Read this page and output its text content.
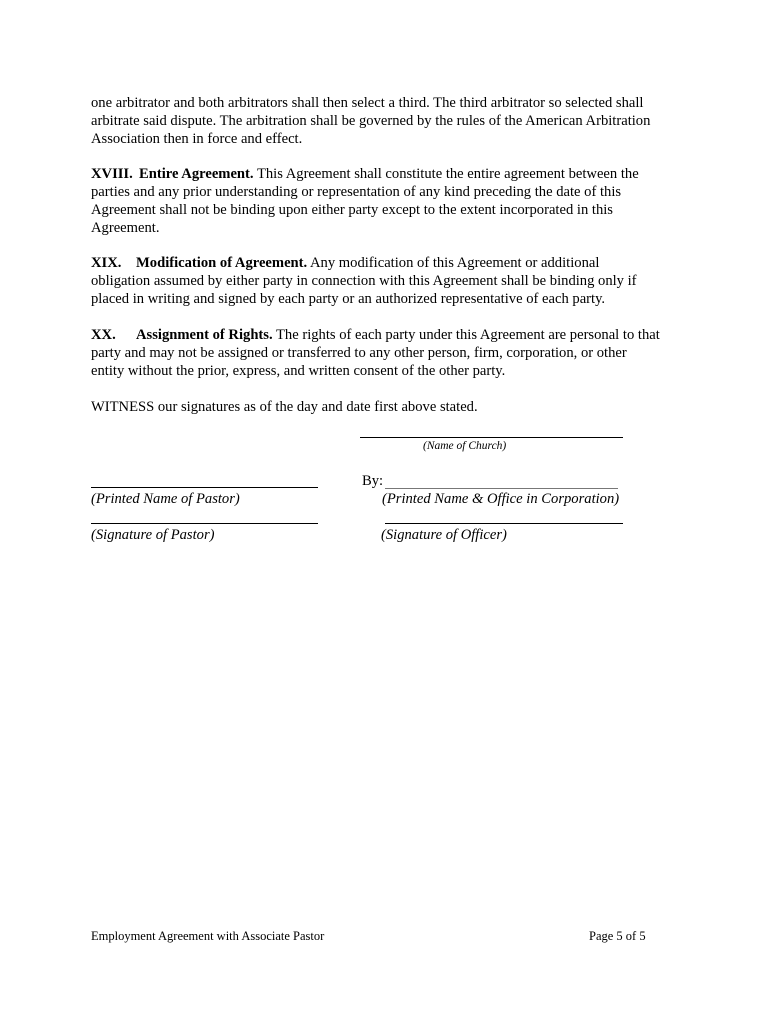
one arbitrator and both arbitrators shall then select a third. The third arbitrator so selected shall
arbitrate said dispute. The arbitration shall be governed by the rules of the American Arbitration
Association then in force and effect.

XVIII. Entire Agreement. This Agreement shall constitute the entire agreement between the
parties and any prior understanding or representation of any kind preceding the date of this
Agreement shall not be binding upon either party except to the extent incorporated in this
Agreement.

XIX. Modification of Agreement. Any modification of this Agreement or additional
obligation assumed by either party in connection with this Agreement shall be binding only if
placed in writing and signed by each party or an authorized representative of each party.

XX. Assignment of Rights. The rights of each party under this Agreement are personal to that
party and may not be assigned or transferred to any other person, firm, corporation, or other
entity without the prior, express, and written consent of the other party.

WITNESS our signatures as of the day and date first above stated.

(Name of Church)
By:
(Printed Name of Pastor)	(Printed Name & Office in Corporation)
(Signature of Pastor)	(Signature of Officer)
Employment Agreement with Associate Pastor	Page 5 of 5
